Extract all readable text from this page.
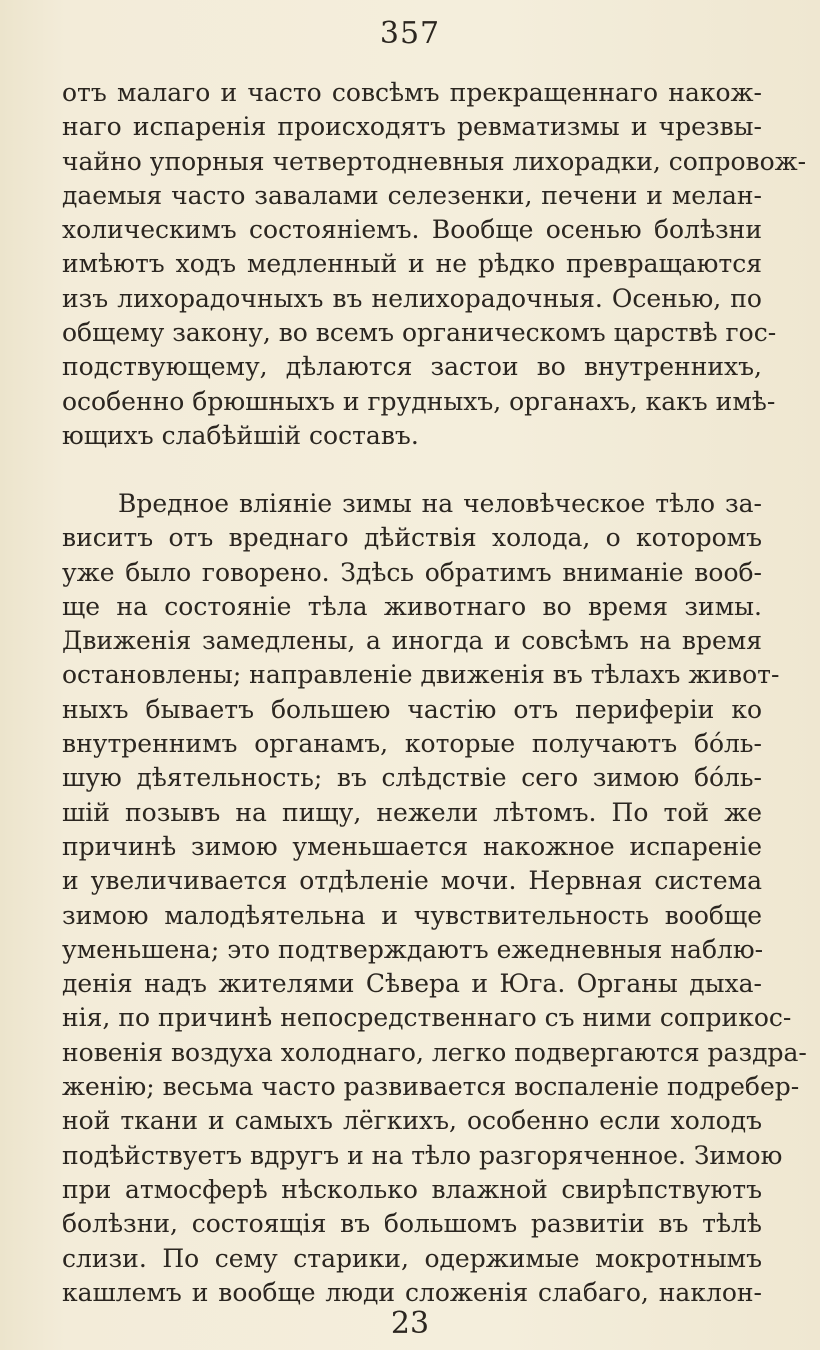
357
отъ малаго и часто совсѣмъ прекращеннаго накож-
наго испаренія происходятъ ревматизмы и чрезвы-
чайно упорныя четвертодневныя лихорадки, сопровож-
даемыя часто завалами селезенки, печени и мелан-
холическимъ состояніемъ. Вообще осенью болѣзни
имѣютъ ходъ медленный и не рѣдко превращаются
изъ лихорадочныхъ въ нелихорадочныя. Осенью, по
общему закону, во всемъ органическомъ царствѣ гос-
подствующему, дѣлаются застои во внутреннихъ,
особенно брюшныхъ и грудныхъ, органахъ, какъ имѣ-
ющихъ слабѣйшій составъ.
Вредное вліяніе зимы на человѣческое тѣло за-
виситъ отъ вреднаго дѣйствія холода, о которомъ
уже было говорено. Здѣсь обратимъ вниманіе вооб-
ще на состояніе тѣла животнаго во время зимы.
Движенія замедлены, а иногда и совсѣмъ на время
остановлены; направленіе движенія въ тѣлахъ живот-
ныхъ бываетъ большею частію отъ периферіи ко
внутреннимъ органамъ, которые получаютъ бóль-
шую дѣятельность; въ слѣдствіе сего зимою бóль-
шій позывъ на пищу, нежели лѣтомъ. По той же
причинѣ зимою уменьшается накожное испареніе
и увеличивается отдѣленіе мочи. Нервная система
зимою малодѣятельна и чувствительность вообще
уменьшена; это подтверждаютъ ежедневныя наблю-
денія надъ жителями Сѣвера и Юга. Органы дыха-
нія, по причинѣ непосредственнаго съ ними соприкос-
новенія воздуха холоднаго, легко подвергаются раздра-
женію; весьма часто развивается воспаленіе подребер-
ной ткани и самыхъ лёгкихъ, особенно если холодъ
подѣйствуетъ вдругъ и на тѣло разгоряченное. Зимою
при атмосферѣ нѣсколько влажной свирѣпствуютъ
болѣзни, состоящія въ большомъ развитіи въ тѣлѣ
слизи. По сему старики, одержимые мокротнымъ
кашлемъ и вообще люди сложенія слабаго, наклон-
23
